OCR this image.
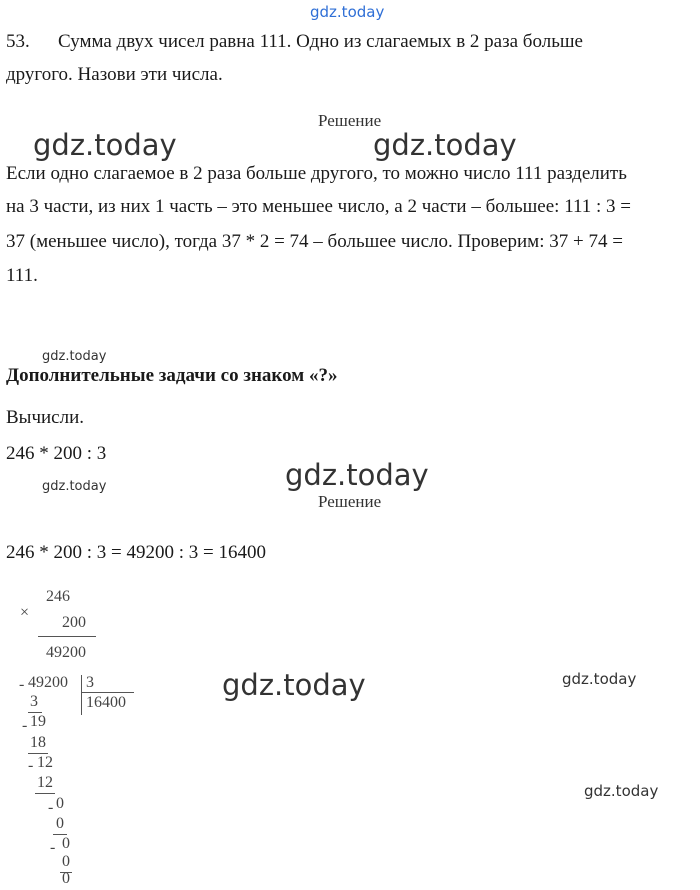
gdz.today
53. Сумма двух чисел равна 111. Одно из слагаемых в 2 раза больше
другого. Назови эти числа.
Решение
gdz.today	gdz.today
Если одно слагаемое в 2 раза больше другого, то можно число 111 разделить
на 3 части, из них 1 часть – это меньшее число, а 2 части – большее: 111 : 3 =
37 (меньшее число), тогда 37 * 2 = 74 – большее число. Проверим: 37 + 74 =
111.
gdz.today
Дополнительные задачи со знаком «?»
Вычисли.
246 * 200 : 3
gdz.today
gdz.today
Решение
246 * 200 : 3 = 49200 : 3 = 16400
×
246
200
49200
- 49200 3
16400
3
- 19
18
- 12
12
- 0
0
- 0
0
0
gdz.today	gdz.today
gdz.today
